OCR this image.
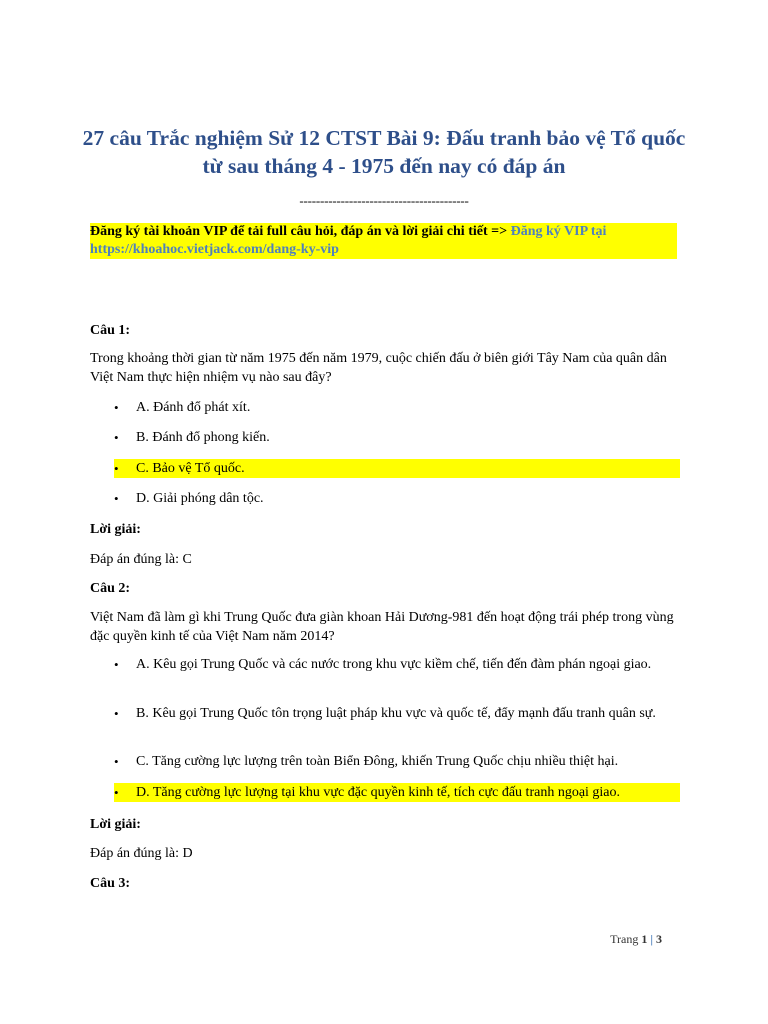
27 câu Trắc nghiệm Sử 12 CTST Bài 9: Đấu tranh bảo vệ Tổ quốc từ sau tháng 4 - 1975 đến nay có đáp án
-----------------------------------------
Đăng ký tài khoản VIP để tải full câu hỏi, đáp án và lời giải chi tiết => Đăng ký VIP tại https://khoahoc.vietjack.com/dang-ky-vip
Câu 1:
Trong khoảng thời gian từ năm 1975 đến năm 1979, cuộc chiến đấu ở biên giới Tây Nam của quân dân Việt Nam thực hiện nhiệm vụ nào sau đây?
• A. Đánh đổ phát xít.
• B. Đánh đổ phong kiến.
• C. Bảo vệ Tổ quốc.
• D. Giải phóng dân tộc.
Lời giải:
Đáp án đúng là: C
Câu 2:
Việt Nam đã làm gì khi Trung Quốc đưa giàn khoan Hải Dương-981 đến hoạt động trái phép trong vùng đặc quyền kinh tế của Việt Nam năm 2014?
• A. Kêu gọi Trung Quốc và các nước trong khu vực kiềm chế, tiến đến đàm phán ngoại giao.
• B. Kêu gọi Trung Quốc tôn trọng luật pháp khu vực và quốc tế, đẩy mạnh đấu tranh quân sự.
• C. Tăng cường lực lượng trên toàn Biển Đông, khiến Trung Quốc chịu nhiều thiệt hại.
• D. Tăng cường lực lượng tại khu vực đặc quyền kinh tế, tích cực đấu tranh ngoại giao.
Lời giải:
Đáp án đúng là: D
Câu 3:
Trang 1 | 3
